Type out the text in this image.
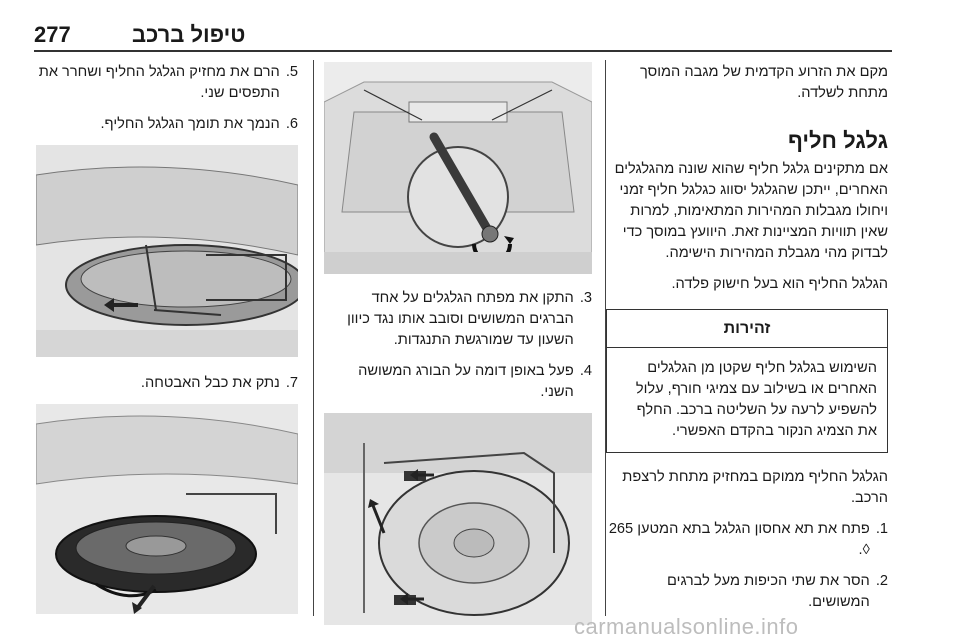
277	טיפול ברכב

מקם את הזרוע הקדמית של מגבה המוסך מתחת לשלדה.

גלגל חליף

אם מתקינים גלגל חליף שהוא שונה מהגלגלים האחרים, ייתכן שהגלגל יסווג כגלגל חליף זמני ויחולו מגבלות המהירות המתאימות, למרות שאין תוויות המציינות זאת. היוועץ במוסך כדי לבדוק מהי מגבלת המהירות הישימה.

הגלגל החליף הוא בעל חישוק פלדה.

זהירות
השימוש בגלגל חליף שקטן מן הגלגלים האחרים או בשילוב עם צמיגי חורף, עלול להשפיע לרעה על השליטה ברכב. החלף את הצמיג הנקור בהקדם האפשרי.

הגלגל החליף ממוקם במחזיק מתחת לרצפת הרכב.

1.
פתח את תא אחסון הגלגל בתא המטען 265 ◊.
2.
הסר את שתי הכיפות מעל לברגים המשושים.
3.
התקן את מפתח הגלגלים על אחד הברגים המשושים וסובב אותו נגד כיוון השעון עד שמורגשת התנגדות.
4.
פעל באופן דומה על הבורג המשושה השני.
5.
הרם את מחזיק הגלגל החליף ושחרר את התפסים שני.
6.
הנמך את תומך הגלגל החליף.
7.
נתק את כבל האבטחה.
carmanualsonline.info
